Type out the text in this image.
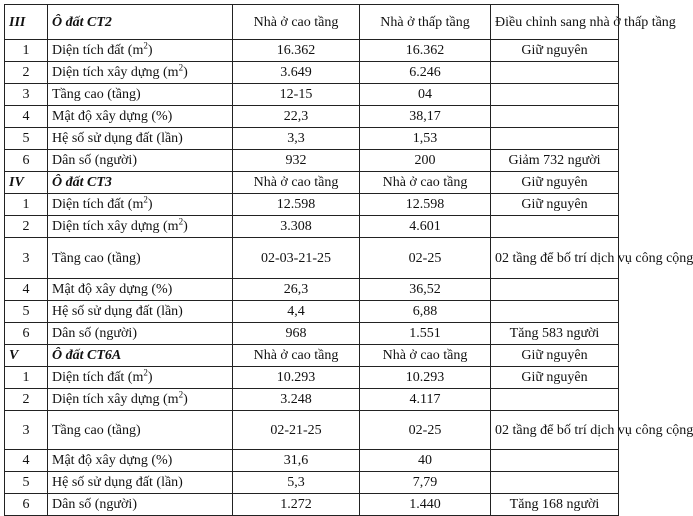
III	Ô đất CT2	Nhà ở cao tầng	Nhà ở thấp tầng	Điều chỉnh sang nhà ở thấp tầng
1	Diện tích đất $(m^2)$	16.362	16.362	Giữ nguyên
2	Diện tích xây dựng $(m^2)$	3.649	6.246	
3	Tầng cao (tầng)	12-15	04	
4	Mật độ xây dựng (%)	22,3	38,17	
5	Hệ số sử dụng đất (lần)	3,3	1,53	
6	Dân số (người)	932	200	Giảm 732 người
IV	Ô đất CT3	Nhà ở cao tầng	Nhà ở cao tầng	Giữ nguyên
1	Diện tích đất $(m^2)$	12.598	12.598	Giữ nguyên
2	Diện tích xây dựng $(m^2)$	3.308	4.601	
3	Tầng cao (tầng)	02-03-21-25	02-25	02 tầng để bố trí dịch vụ công cộng
4	Mật độ xây dựng (%)	26,3	36,52	
5	Hệ số sử dụng đất (lần)	4,4	6,88	
6	Dân số (người)	968	1.551	Tăng 583 người
V	Ô đất CT6A	Nhà ở cao tầng	Nhà ở cao tầng	Giữ nguyên
1	Diện tích đất $(m^2)$	10.293	10.293	Giữ nguyên
2	Diện tích xây dựng $(m^2)$	3.248	4.117	
3	Tầng cao (tầng)	02-21-25	02-25	02 tầng để bố trí dịch vụ công cộng
4	Mật độ xây dựng (%)	31,6	40	
5	Hệ số sử dụng đất (lần)	5,3	7,79	
6	Dân số (người)	1.272	1.440	Tăng 168 người
